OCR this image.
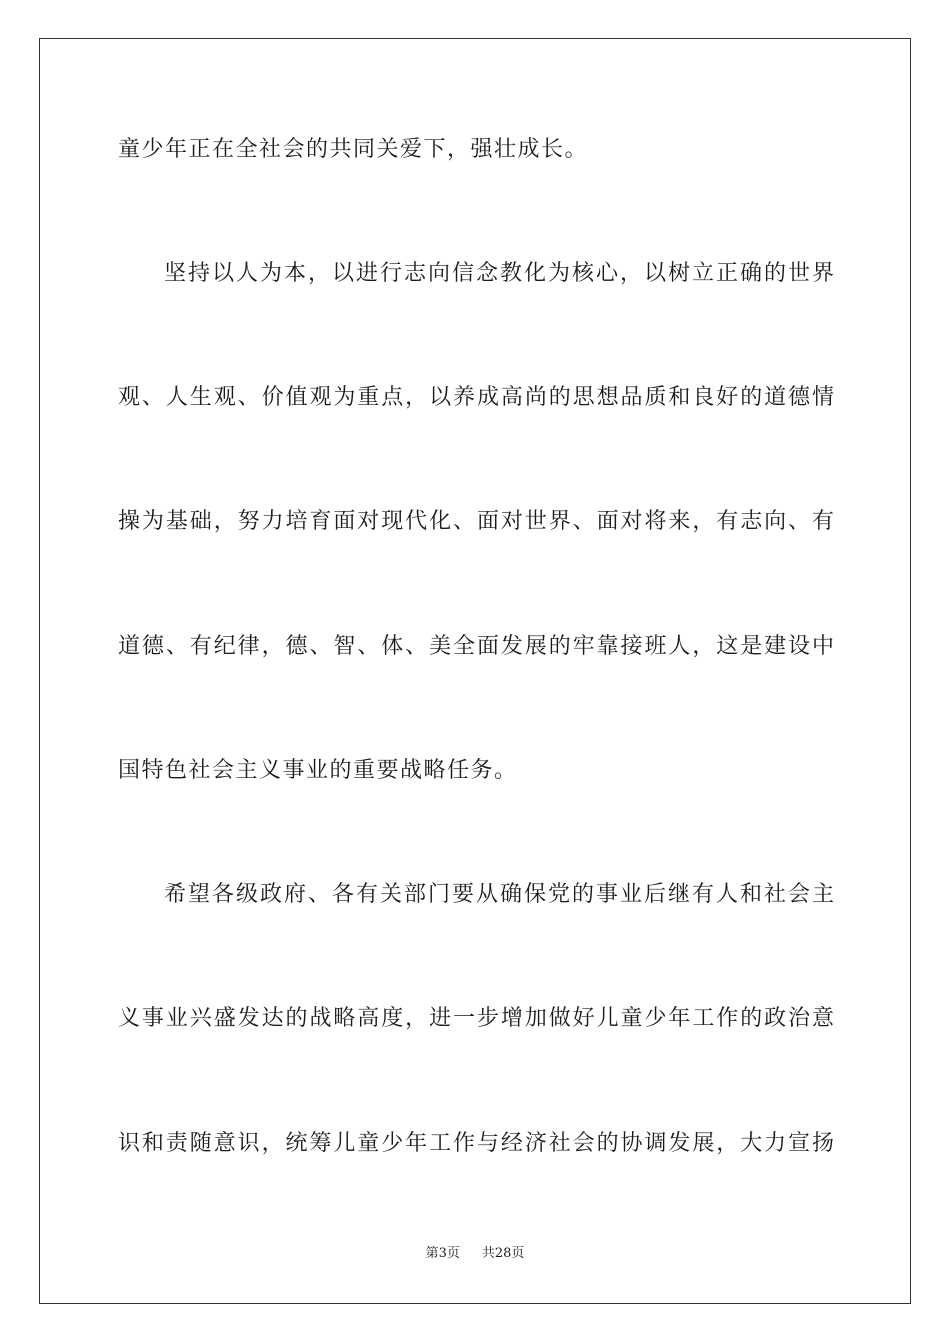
童少年正在全社会的共同关爱下，强壮成长。
坚持以人为本，以进行志向信念教化为核心，以树立正确的世界
观、人生观、价值观为重点，以养成高尚的思想品质和良好的道德情
操为基础，努力培育面对现代化、面对世界、面对将来，有志向、有
道德、有纪律，德、智、体、美全面发展的牢靠接班人，这是建设中
国特色社会主义事业的重要战略任务。
希望各级政府、各有关部门要从确保党的事业后继有人和社会主
义事业兴盛发达的战略高度，进一步增加做好儿童少年工作的政治意
识和责随意识，统筹儿童少年工作与经济社会的协调发展，大力宣扬
第3页 共28页
